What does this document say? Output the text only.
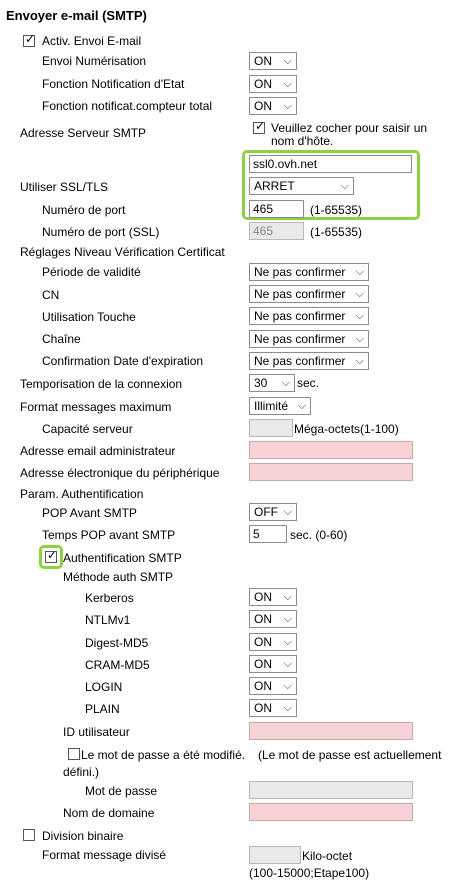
Envoyer e-mail (SMTP)
✓ Activ. Envoi E-mail
Envoi Numérisation	ON ⌵
Fonction Notification d'Etat	ON ⌵
Fonction notificat.compteur total	ON ⌵
Adresse Serveur SMTP	✓ Veuillez cocher pour saisir un nom d'hôte.
ssl0.ovh.net
Utiliser SSL/TLS	ARRET	⌵
Numéro de port	465	(1-65535)
Numéro de port (SSL)	465	(1-65535)
Réglages Niveau Vérification Certificat
Période de validité	Ne pas confirmer ⌵
CN	Ne pas confirmer ⌵
Utilisation Touche	Ne pas confirmer ⌵
Chaîne	Ne pas confirmer ⌵
Confirmation Date d'expiration	Ne pas confirmer ⌵
Temporisation de la connexion	30 ⌵ sec.
Format messages maximum	Illimité ⌵
Capacité serveur	Méga-octets(1-100)
Adresse email administrateur
Adresse électronique du périphérique
Param. Authentification
POP Avant SMTP	OFF ⌵
Temps POP avant SMTP	5	sec. (0-60)
✓ Authentification SMTP
Méthode auth SMTP
Kerberos	ON ⌵
NTLMv1	ON ⌵
Digest-MD5	ON ⌵
CRAM-MD5	ON ⌵
LOGIN	ON ⌵
PLAIN	ON ⌵
ID utilisateur
Le mot de passe a été modifié. (Le mot de passe est actuellement
défini.)
Mot de passe
Nom de domaine
Division binaire
Format message divisé	Kilo-octet
(100-15000;Etape100)
